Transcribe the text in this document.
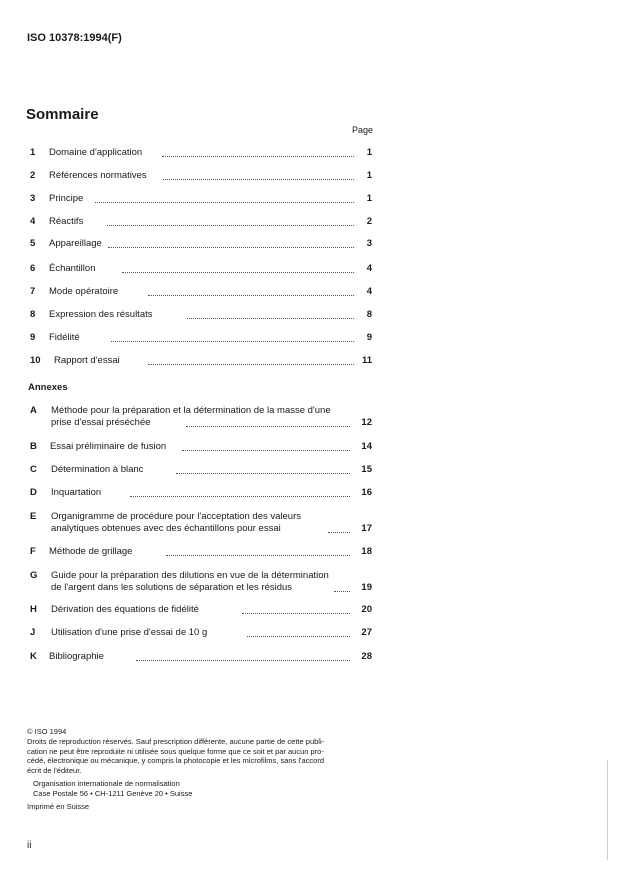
ISO 10378:1994(F)
Sommaire
Page
1 Domaine d'application	1
2 Références normatives	1
3 Principe	1
4 Réactifs	2
5 Appareillage	3
6 Échantillon	4
7 Mode opératoire	4
8 Expression des résultats	8
9 Fidélité	9
10 Rapport d'essai	11
Annexes
A Méthode pour la préparation et la détermination de la masse d'une
prise d'essai préséchée	12
B Essai préliminaire de fusion	14
C Détermination à blanc	15
D Inquartation	16
E Organigramme de procédure pour l'acceptation des valeurs
analytiques obtenues avec des échantillons pour essai	17
F Méthode de grillage	18
G Guide pour la préparation des dilutions en vue de la détermination
de l'argent dans les solutions de séparation et les résidus	19
H Dérivation des équations de fidélité	20
J Utilisation d'une prise d'essai de 10 g	27
K Bibliographie	28
© ISO 1994
Droits de reproduction réservés. Sauf prescription différente, aucune partie de cette publi-
cation ne peut être reproduite ni utilisée sous quelque forme que ce soit et par aucun pro-
cédé, électronique ou mécanique, y compris la photocopie et les microfilms, sans l'accord
écrit de l'éditeur.
Organisation internationale de normalisation
Case Postale 56 • CH-1211 Genève 20 • Suisse
Imprimé en Suisse
ii
